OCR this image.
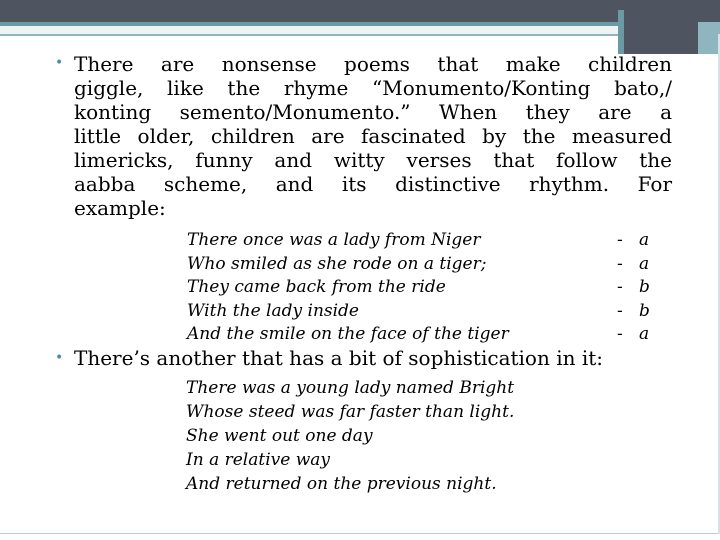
• There are nonsense poems that make children
giggle, like the rhyme “Monumento/Konting bato,/
konting semento/Monumento.” When they are a
little older, children are fascinated by the measured
limericks, funny and witty verses that follow the
aabba scheme, and its distinctive rhythm. For
example:
There once was a lady from Niger
Who smiled as she rode on a tiger;
They came back from the ride
With the lady inside
And the smile on the face of the tiger
- a
- a
- b
- b
- a
• There’s another that has a bit of sophistication in it:
There was a young lady named Bright
Whose steed was far faster than light.
She went out one day
In a relative way
And returned on the previous night.
